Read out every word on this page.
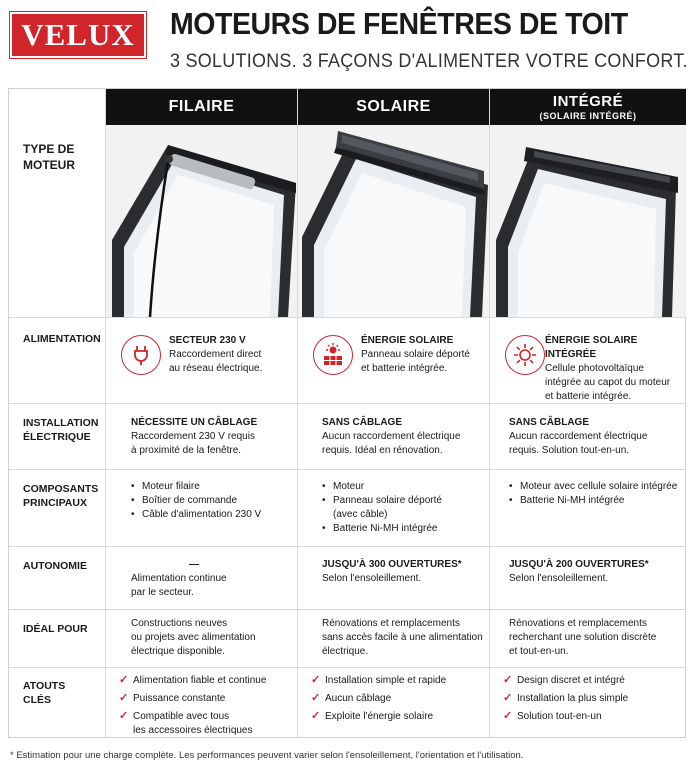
VELUX MOTEURS DE FENÊTRES DE TOIT
3 SOLUTIONS. 3 FAÇONS D'ALIMENTER VOTRE CONFORT.
FILAIRE	SOLAIRE	INTÉGRÉ
(SOLAIRE INTÉGRÉ)
TYPE DE
MOTEUR
ALIMENTATION
INSTALLATION
ÉLECTRIQUE
COMPOSANTS
PRINCIPAUX
AUTONOMIE
IDÉAL POUR
ATOUTS
CLÉS
SECTEUR 230 V
Raccordement direct
au réseau électrique.
ÉNERGIE SOLAIRE
Panneau solaire déporté
et batterie intégrée.
ÉNERGIE SOLAIRE INTÉGRÉE
Cellule photovoltaïque
intégrée au capot du moteur
et batterie intégrée.
NÉCESSITE UN CÂBLAGE
Raccordement 230 V requis
à proximité de la fenêtre.
SANS CÂBLAGE
Aucun raccordement électrique
requis. Idéal en rénovation.
SANS CÂBLAGE
Aucun raccordement électrique
requis. Solution tout-en-un.
• Moteur filaire
• Boîtier de commande
• Câble d'alimentation 230 V
• Moteur
• Panneau solaire déporté
(avec câble)
• Batterie Ni-MH intégrée
• Moteur avec cellule solaire intégrée
• Batterie Ni-MH intégrée
—
Alimentation continue
par le secteur.
JUSQU'À 300 OUVERTURES*
Selon l'ensoleillement.
JUSQU'À 200 OUVERTURES*
Selon l'ensoleillement.
Constructions neuves
ou projets avec alimentation
électrique disponible.
Rénovations et remplacements
sans accès facile à une alimentation
électrique.
Rénovations et remplacements
recherchant une solution discrète
et tout-en-un.
✓ Alimentation fiable et continue
✓ Puissance constante
✓ Compatible avec tous
les accessoires électriques
✓ Installation simple et rapide
✓ Aucun câblage
✓ Exploite l'énergie solaire
✓ Design discret et intégré
✓ Installation la plus simple
✓ Solution tout-en-un
* Estimation pour une charge complète. Les performances peuvent varier selon l'ensoleillement, l'orientation et l'utilisation.
